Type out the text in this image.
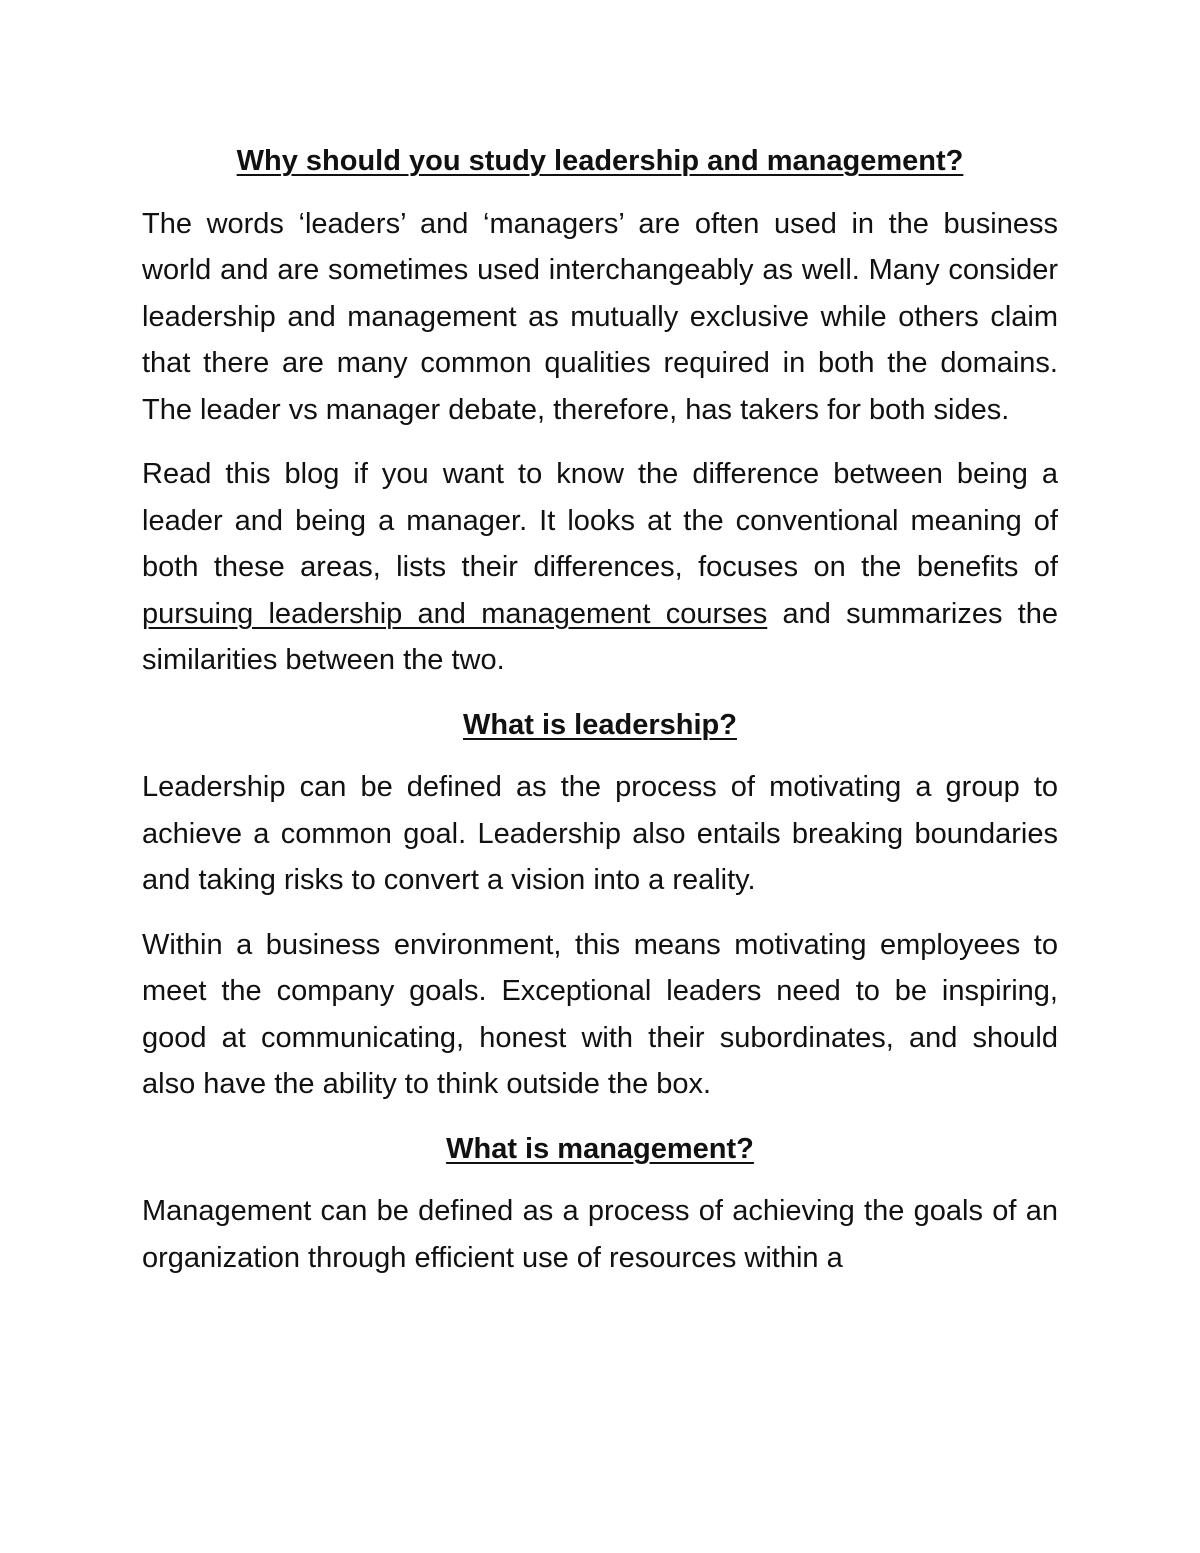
Why should you study leadership and management?

The words ‘leaders’ and ‘managers’ are often used in the business world and are sometimes used interchangeably as well. Many consider leadership and management as mutually exclusive while others claim that there are many common qualities required in both the domains. The leader vs manager debate, therefore, has takers for both sides.

Read this blog if you want to know the difference between being a leader and being a manager. It looks at the conventional meaning of both these areas, lists their differences, focuses on the benefits of pursuing leadership and management courses and summarizes the similarities between the two.

What is leadership?

Leadership can be defined as the process of motivating a group to achieve a common goal. Leadership also entails breaking boundaries and taking risks to convert a vision into a reality.

Within a business environment, this means motivating employees to meet the company goals. Exceptional leaders need to be inspiring, good at communicating, honest with their subordinates, and should also have the ability to think outside the box.

What is management?

Management can be defined as a process of achieving the goals of an organization through efficient use of resources within a
